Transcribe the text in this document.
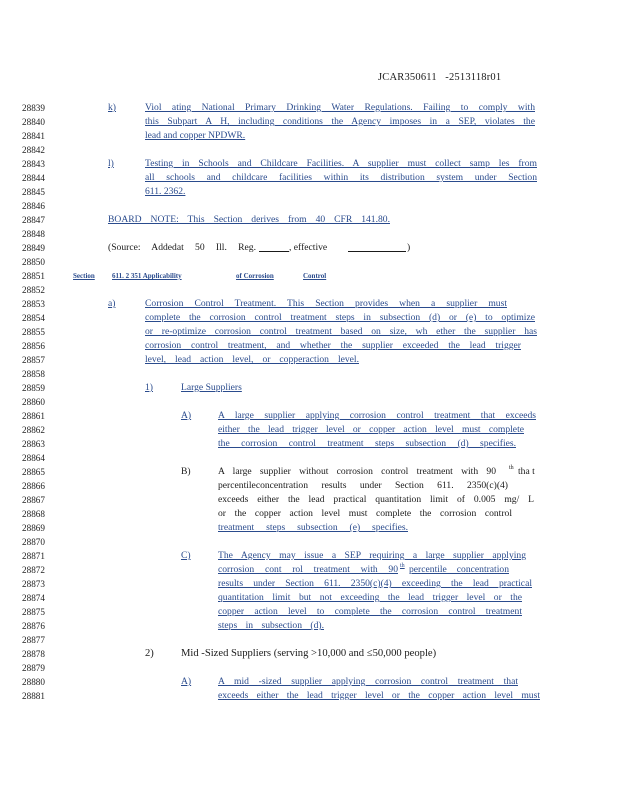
JCAR350611 -2513118r01
28839	k)	Viol ating National Primary Drinking Water Regulations. Failing to comply with
28840	this Subpart A H, including conditions the Agency imposes in a SEP, violates the
28841	lead and copper NPDWR.
28842
28843	l)	Testing in Schools and Childcare Facilities. A supplier must collect samp les from
28844	all schools and childcare facilities within its distribution system under Section
28845	611. 2362.
28846
28847	BOARD NOTE: This Section derives from 40 CFR 141.80.
28848
28849	(Source: Addedat 50 Ill. Reg.	, effective	)
28850
28851	Section 611. 2 351 Applicability	of Corrosion	Control
28852
28853	a)	Corrosion Control Treatment. This Section provides when a supplier must
28854	complete the corrosion control treatment steps in subsection (d) or (e) to optimize
28855	or re-optimize corrosion control treatment based on size, wh ether the supplier has
28856	corrosion control treatment, and whether the supplier exceeded the lead trigger
28857	level, lead action level, or copperaction level.
28858
28859	1)	Large Suppliers
28860
28861	A)	A large supplier applying corrosion control treatment that exceeds
28862	either the lead trigger level or copper action level must complete
28863	the corrosion control treatment steps subsection (d) specifies.
28864
28865	B)	A large supplier without corrosion control treatment with 90 th tha t
28866	percentileconcentration results under Section 611. 2350(c)(4)
28867	exceeds either the lead practical quantitation limit of 0.005 mg/ L
28868	or the copper action level must complete the corrosion control
28869	treatment steps subsection (e) specifies.
28870
28871	C)	The Agency may issue a SEP requiring a large supplier applying
28872	corrosion cont rol treatment with 90 th percentile concentration
28873	results under Section 611. 2350(c)(4) exceeding the lead practical
28874	quantitation limit but not exceeding the lead trigger level or the
28875	copper action level to complete the corrosion control treatment
28876	steps in subsection (d).
28877
28878	2)	Mid -Sized Suppliers (serving >10,000 and ≤50,000 people)
28879
28880	A)	A mid -sized supplier applying corrosion control treatment that
28881	exceeds either the lead trigger level or the copper action level must
